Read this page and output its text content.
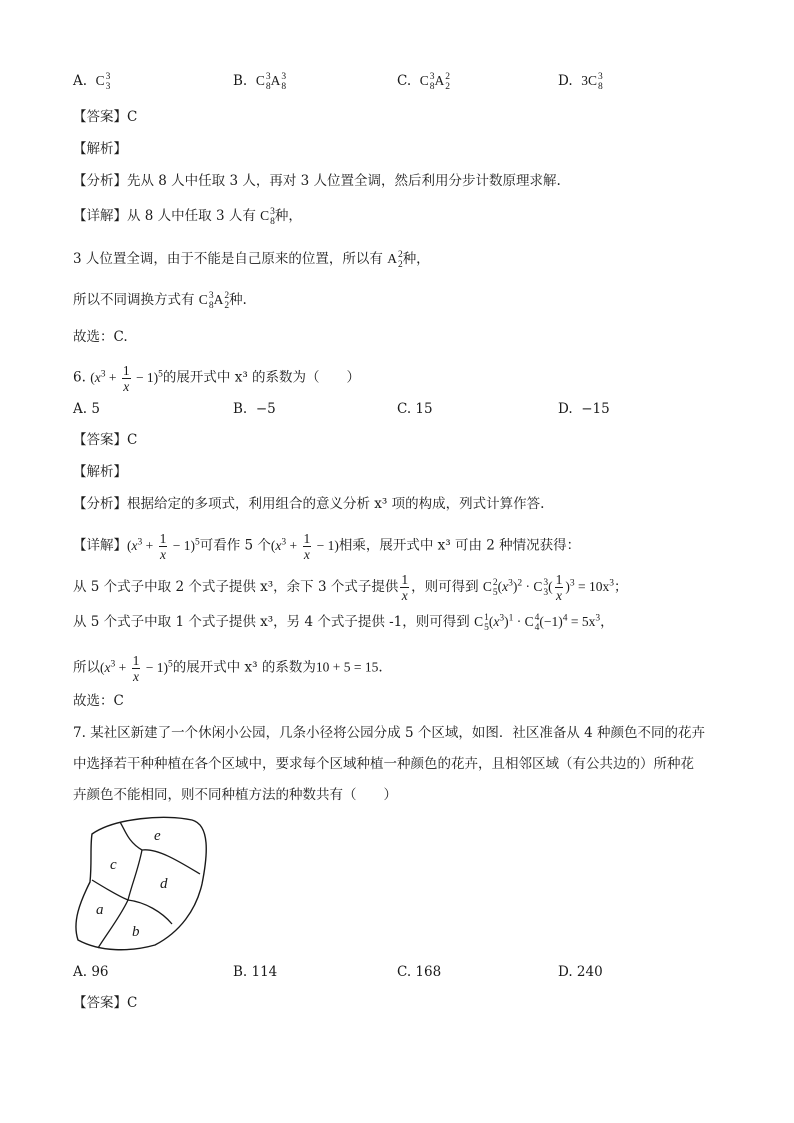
A. C 3
3	B. C 3
8 A 3
8	C. C 3
8 A 2
2	D. 3C 3
8
【答案】C
【解析】
【分析】先从 8 人中任取 3 人，再对 3 人位置全调，然后利用分步计数原理求解.
【详解】从 8 人中任取 3 人有 C 3
8 种，
3 人位置全调，由于不能是自己原来的位置，所以有 A 2
2 种，
所以不同调换方式有 C 3
8 A 2
2 种.
故选：C.
6. $(x^3 + \frac{1}{x} - 1)^5$的展开式中 x³ 的系数为（　　）
A. 5	B. −5	C. 15	D. −15
【答案】C
【解析】
【分析】根据给定的多项式，利用组合的意义分析 x³ 项的构成，列式计算作答.
【详解】$(x^3 + \frac{1}{x} - 1)^5$可看作 5 个$(x^3 + \frac{1}{x} - 1)$相乘，展开式中 x³ 可由 2 种情况获得：
从 5 个式子中取 2 个式子提供 x³，余下 3 个式子提供 $\frac{1}{x}$ ，则可得到 C 2
5 $(x^3)^2 \cdot C$ 3
3 ( $\frac{1}{x} )^3 = 10x^3$；
从 5 个式子中取 1 个式子提供 x³，另 4 个式子提供 -1，则可得到 C 1
5 $(x^3)^1 \cdot C$ 4
4 $(-1)^4 = 5x^3$，
所以$(x^3 + \frac{1}{x} - 1)^5$的展开式中 x³ 的系数为10 + 5 = 15.
故选：C
7. 某社区新建了一个休闲小公园，几条小径将公园分成 5 个区域，如图．社区准备从 4 种颜色不同的花卉
中选择若干种种植在各个区域中，要求每个区域种植一种颜色的花卉，且相邻区域（有公共边的）所种花
卉颜色不能相同，则不同种植方法的种数共有（　　）
e
c
d
a
b
A. 96	B. 114	C. 168	D. 240
【答案】C
